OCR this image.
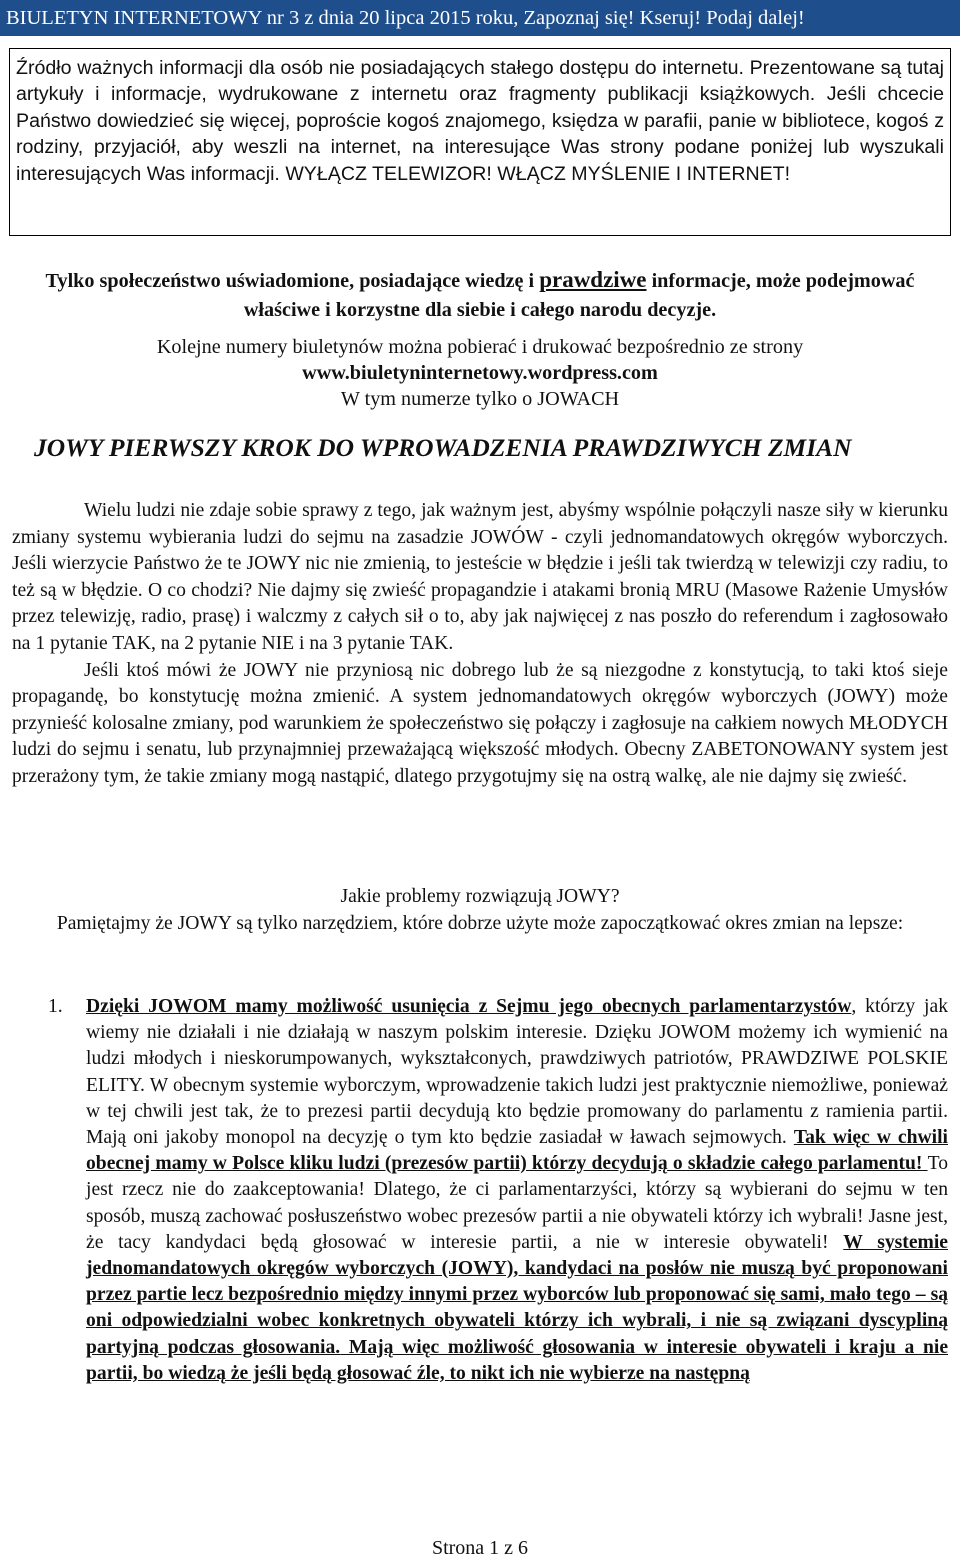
BIULETYN INTERNETOWY nr 3 z dnia 20 lipca 2015 roku, Zapoznaj się! Kseruj! Podaj dalej!

Źródło ważnych informacji dla osób nie posiadających stałego dostępu do internetu. Prezentowane są tutaj artykuły i informacje, wydrukowane z internetu oraz fragmenty publikacji książkowych. Jeśli chcecie Państwo dowiedzieć się więcej, poproście kogoś znajomego, księdza w parafii, panie w bibliotece, kogoś z rodziny, przyjaciół, aby weszli na internet, na interesujące Was strony podane poniżej lub wyszukali interesujących Was informacji. WYŁĄCZ TELEWIZOR! WŁĄCZ MYŚLENIE I INTERNET!

Tylko społeczeństwo uświadomione, posiadające wiedzę i prawdziwe informacje, może podejmować właściwe i korzystne dla siebie i całego narodu decyzje.
Kolejne numery biuletynów można pobierać i drukować bezpośrednio ze strony
www.biuletyninternetowy.wordpress.com
W tym numerze tylko o JOWACH
JOWY PIERWSZY KROK DO WPROWADZENIA PRAWDZIWYCH ZMIAN

Wielu ludzi nie zdaje sobie sprawy z tego, jak ważnym jest, abyśmy wspólnie połączyli nasze siły w kierunku zmiany systemu wybierania ludzi do sejmu na zasadzie JOWÓW - czyli jednomandatowych okręgów wyborczych. Jeśli wierzycie Państwo że te JOWY nic nie zmienią, to jesteście w błędzie i jeśli tak twierdzą w telewizji czy radiu, to też są w błędzie. O co chodzi? Nie dajmy się zwieść propagandzie i atakami bronią MRU (Masowe Rażenie Umysłów przez telewizję, radio, prasę) i walczmy z całych sił o to, aby jak najwięcej z nas poszło do referendum i zagłosowało na 1 pytanie TAK, na 2 pytanie NIE i na 3 pytanie TAK.

Jeśli ktoś mówi że JOWY nie przyniosą nic dobrego lub że są niezgodne z konstytucją, to taki ktoś sieje propagandę, bo konstytucję można zmienić. A system jednomandatowych okręgów wyborczych (JOWY) może przynieść kolosalne zmiany, pod warunkiem że społeczeństwo się połączy i zagłosuje na całkiem nowych MŁODYCH ludzi do sejmu i senatu, lub przynajmniej przeważającą większość młodych. Obecny ZABETONOWANY system jest przerażony tym, że takie zmiany mogą nastąpić, dlatego przygotujmy się na ostrą walkę, ale nie dajmy się zwieść.

Jakie problemy rozwiązują JOWY?

Pamiętajmy że JOWY są tylko narzędziem, które dobrze użyte może zapoczątkować okres zmian na lepsze:

1. Dzięki JOWOM mamy możliwość usunięcia z Sejmu jego obecnych parlamentarzystów, którzy jak wiemy nie działali i nie działają w naszym polskim interesie. Dzięku JOWOM możemy ich wymienić na ludzi młodych i nieskorumpowanych, wykształconych, prawdziwych patriotów, PRAWDZIWE POLSKIE ELITY. W obecnym systemie wyborczym, wprowadzenie takich ludzi jest praktycznie niemożliwe, ponieważ w tej chwili jest tak, że to prezesi partii decydują kto będzie promowany do parlamentu z ramienia partii. Mają oni jakoby monopol na decyzję o tym kto będzie zasiadał w ławach sejmowych. Tak więc w chwili obecnej mamy w Polsce kliku ludzi (prezesów partii) którzy decydują o składzie całego parlamentu! To jest rzecz nie do zaakceptowania! Dlatego, że ci parlamentarzyści, którzy są wybierani do sejmu w ten sposób, muszą zachować posłuszeństwo wobec prezesów partii a nie obywateli którzy ich wybrali! Jasne jest, że tacy kandydaci będą głosować w interesie partii, a nie w interesie obywateli! W systemie jednomandatowych okręgów wyborczych (JOWY), kandydaci na posłów nie muszą być proponowani przez partie lecz bezpośrednio między innymi przez wyborców lub proponować się sami, mało tego – są oni odpowiedzialni wobec konkretnych obywateli którzy ich wybrali, i nie są związani dyscypliną partyjną podczas głosowania. Mają więc możliwość głosowania w interesie obywateli i kraju a nie partii, bo wiedzą że jeśli będą głosować źle, to nikt ich nie wybierze na następną
Strona 1 z 6
